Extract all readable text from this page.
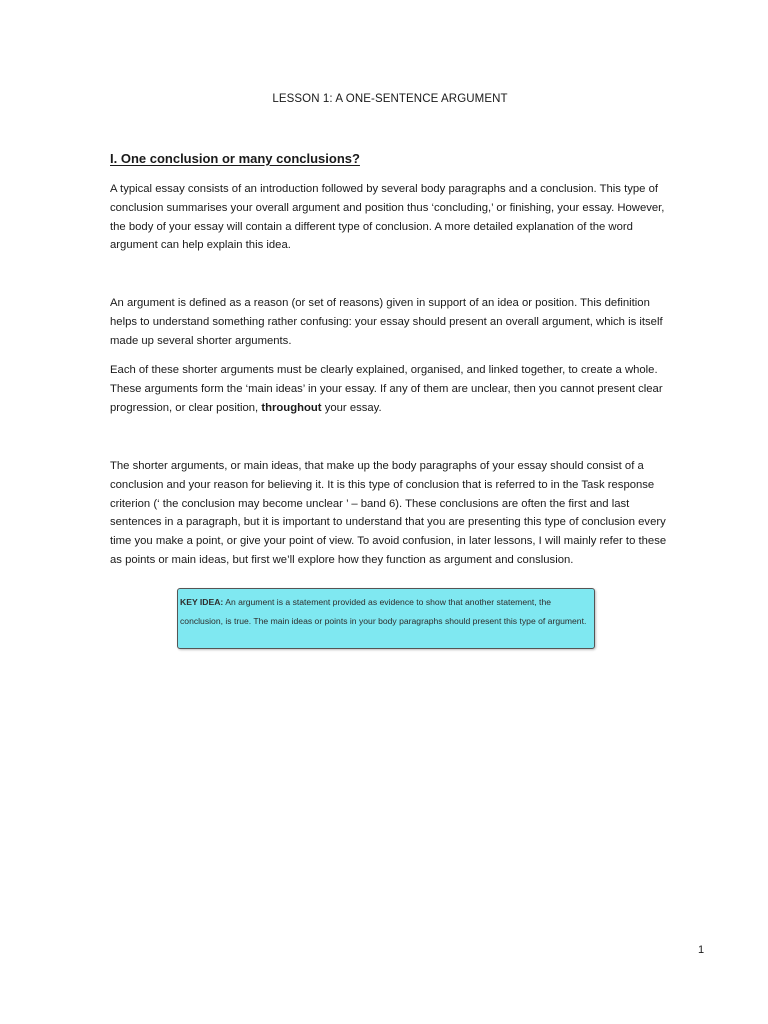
LESSON 1: A ONE-SENTENCE ARGUMENT
I. One conclusion or many conclusions?

A typical essay consists of an introduction followed by several body paragraphs and a conclusion. This type of conclusion summarises your overall argument and position thus ‘concluding,’ or finishing, your essay. However, the body of your essay will contain a different type of conclusion. A more detailed explanation of the word argument can help explain this idea.

An argument is defined as a reason (or set of reasons) given in support of an idea or position. This definition helps to understand something rather confusing: your essay should present an overall argument, which is itself made up several shorter arguments.

Each of these shorter arguments must be clearly explained, organised, and linked together, to create a whole. These arguments form the ‘main ideas’ in your essay. If any of them are unclear, then you cannot present clear progression, or clear position, throughout your essay.

The shorter arguments, or main ideas, that make up the body paragraphs of your essay should consist of a conclusion and your reason for believing it. It is this type of conclusion that is referred to in the Task response criterion (‘ the conclusion may become unclear ’ – band 6). These conclusions are often the first and last sentences in a paragraph, but it is important to understand that you are presenting this type of conclusion every time you make a point, or give your point of view. To avoid confusion, in later lessons, I will mainly refer to these as points or main ideas, but first we’ll explore how they function as argument and conslusion.

KEY IDEA: An argument is a statement provided as evidence to show that another statement, the conclusion, is true. The main ideas or points in your body paragraphs should present this type of argument.
1
